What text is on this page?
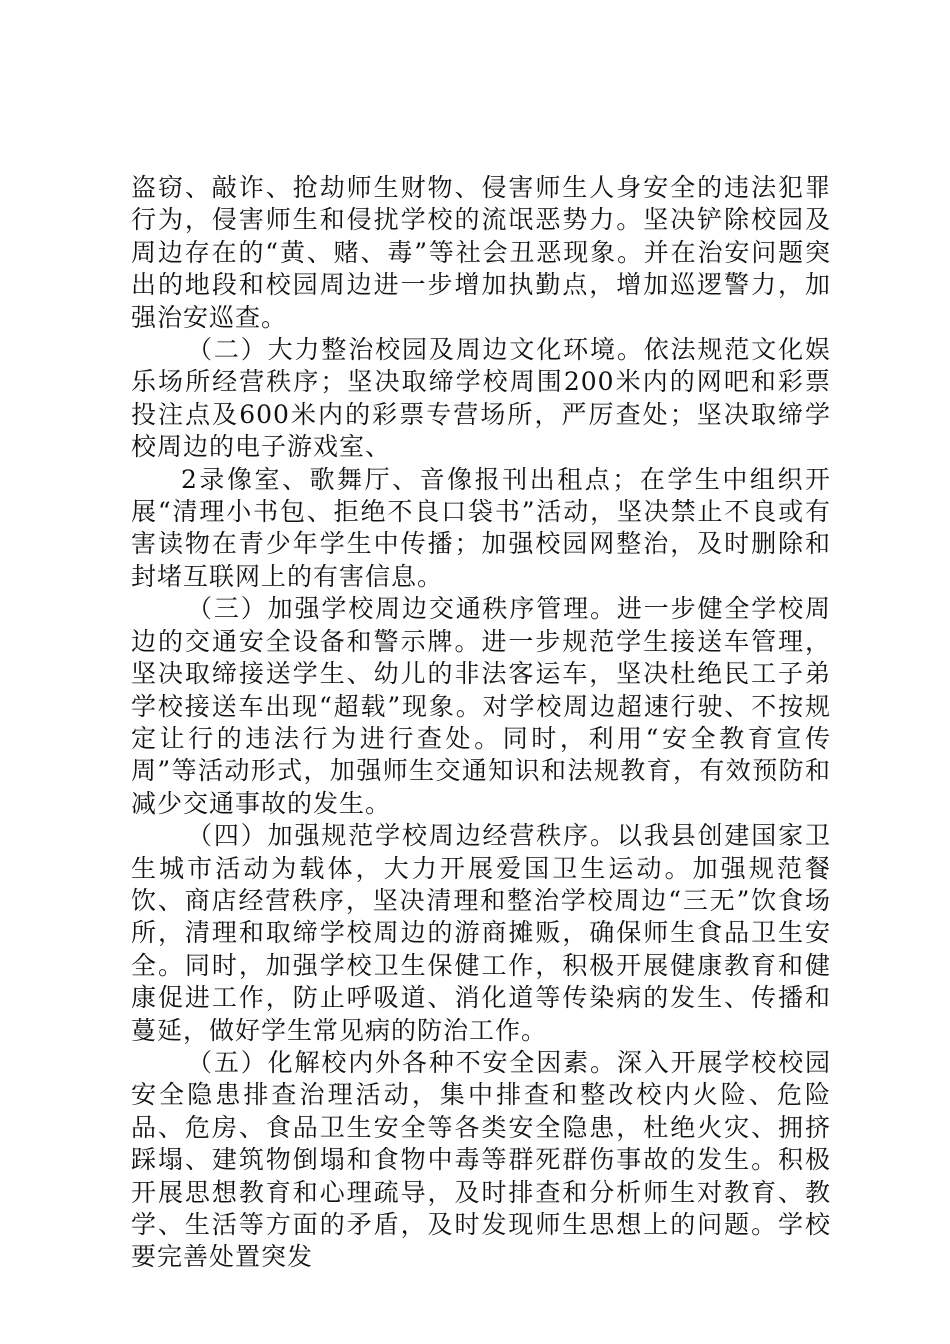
盗窃、敲诈、抢劫师生财物、侵害师生人身安全的违法犯罪行为，侵害师生和侵扰学校的流氓恶势力。坚决铲除校园及周边存在的“黄、赌、毒”等社会丑恶现象。并在治安问题突出的地段和校园周边进一步增加执勤点，增加巡逻警力，加强治安巡查。

（二）大力整治校园及周边文化环境。依法规范文化娱乐场所经营秩序；坚决取缔学校周围200米内的网吧和彩票投注点及600米内的彩票专营场所，严厉查处；坚决取缔学校周边的电子游戏室、

2录像室、歌舞厅、音像报刊出租点；在学生中组织开展“清理小书包、拒绝不良口袋书”活动，坚决禁止不良或有害读物在青少年学生中传播；加强校园网整治，及时删除和封堵互联网上的有害信息。

（三）加强学校周边交通秩序管理。进一步健全学校周边的交通安全设备和警示牌。进一步规范学生接送车管理，坚决取缔接送学生、幼儿的非法客运车，坚决杜绝民工子弟学校接送车出现“超载”现象。对学校周边超速行驶、不按规定让行的违法行为进行查处。同时，利用“安全教育宣传周”等活动形式，加强师生交通知识和法规教育，有效预防和减少交通事故的发生。

（四）加强规范学校周边经营秩序。以我县创建国家卫生城市活动为载体，大力开展爱国卫生运动。加强规范餐饮、商店经营秩序，坚决清理和整治学校周边“三无”饮食场所，清理和取缔学校周边的游商摊贩，确保师生食品卫生安全。同时，加强学校卫生保健工作，积极开展健康教育和健康促进工作，防止呼吸道、消化道等传染病的发生、传播和蔓延，做好学生常见病的防治工作。

（五）化解校内外各种不安全因素。深入开展学校校园安全隐患排查治理活动，集中排查和整改校内火险、危险品、危房、食品卫生安全等各类安全隐患，杜绝火灾、拥挤踩塌、建筑物倒塌和食物中毒等群死群伤事故的发生。积极开展思想教育和心理疏导，及时排查和分析师生对教育、教学、生活等方面的矛盾，及时发现师生思想上的问题。学校要完善处置突发
